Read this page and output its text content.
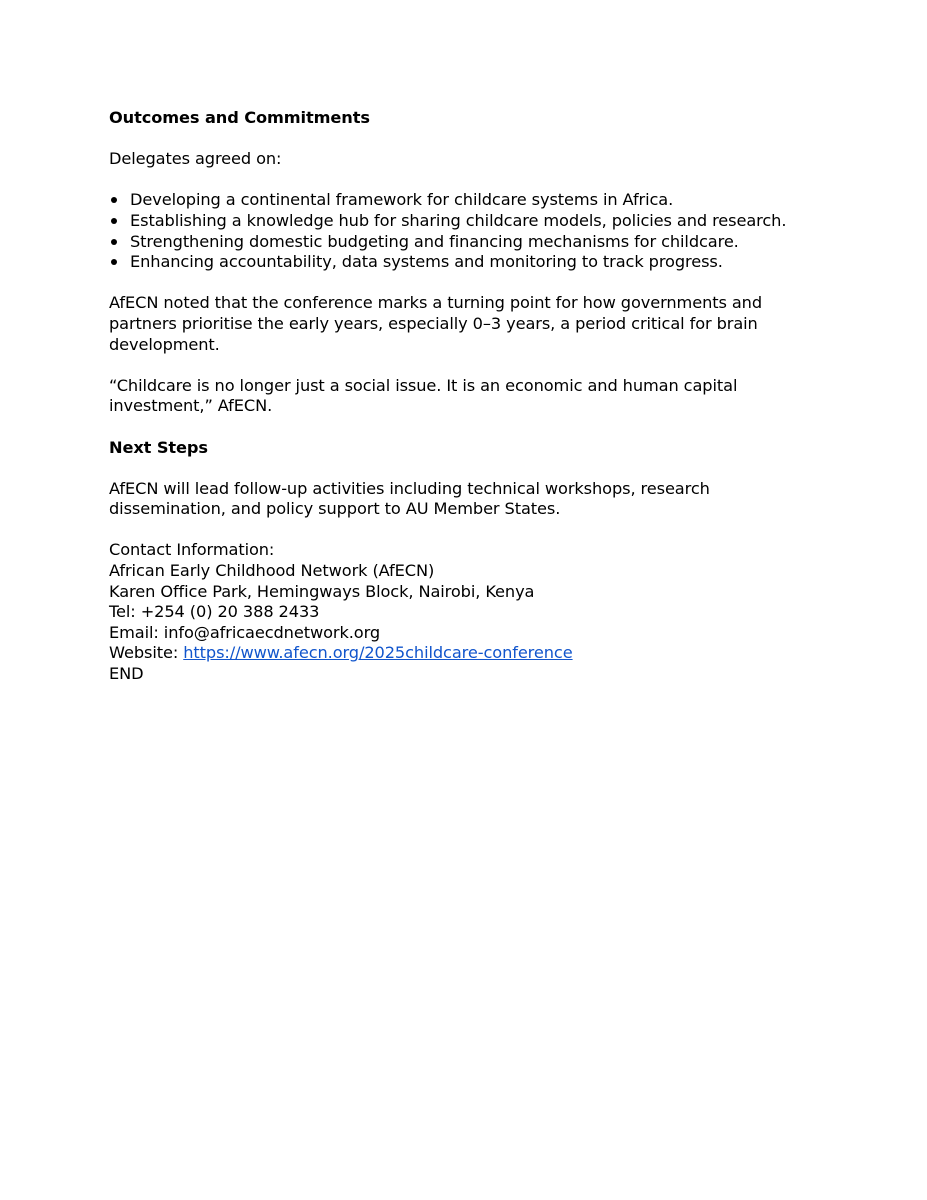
Outcomes and Commitments

Delegates agreed on:

Developing a continental framework for childcare systems in Africa.
Establishing a knowledge hub for sharing childcare models, policies and research.
Strengthening domestic budgeting and financing mechanisms for childcare.
Enhancing accountability, data systems and monitoring to track progress.
AfECN noted that the conference marks a turning point for how governments and
partners prioritise the early years, especially 0–3 years, a period critical for brain
development.
“Childcare is no longer just a social issue. It is an economic and human capital
investment,” AfECN.

Next Steps

AfECN will lead follow-up activities including technical workshops, research
dissemination, and policy support to AU Member States.
Contact Information:
African Early Childhood Network (AfECN)
Karen Office Park, Hemingways Block, Nairobi, Kenya
Tel: +254 (0) 20 388 2433
Email: info@africaecdnetwork.org
Website: https://www.afecn.org/2025childcare-conference
END
